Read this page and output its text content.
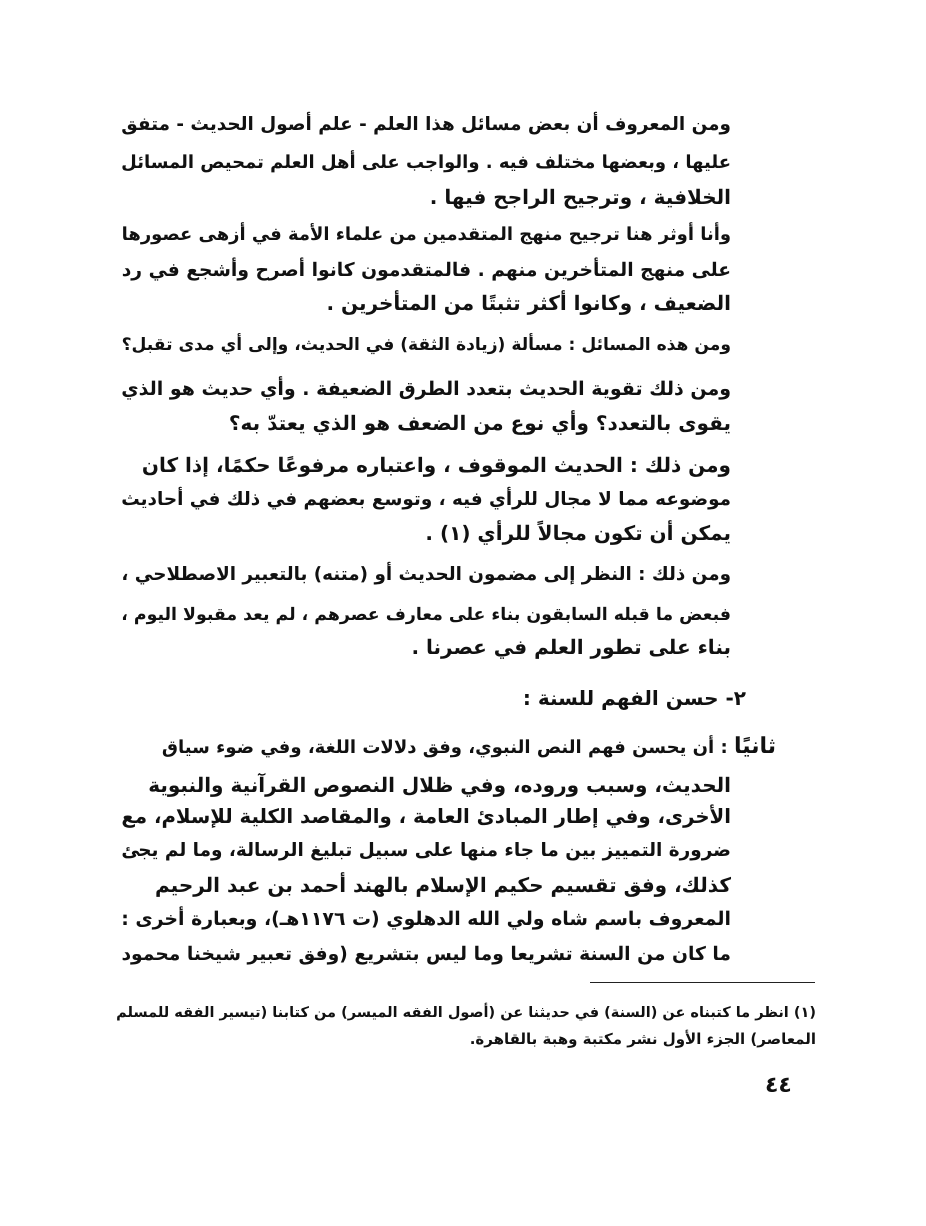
ومن المعروف أن بعض مسائل هذا العلم - علم أصول الحديث - متفق
عليها ، وبعضها مختلف فيه . والواجب على أهل العلم تمحيص المسائل
الخلافية ، وترجيح الراجح فيها .
وأنا أوثر هنا ترجيح منهج المتقدمين من علماء الأمة في أزهى عصورها
على منهج المتأخرين منهم . فالمتقدمون كانوا أصرح وأشجع في رد
الضعيف ، وكانوا أكثر تثبتًا من المتأخرين .
ومن هذه المسائل : مسألة (زيادة الثقة) في الحديث، وإلى أي مدى تقبل؟
ومن ذلك تقوية الحديث بتعدد الطرق الضعيفة . وأي حديث هو الذي
يقوى بالتعدد؟ وأي نوع من الضعف هو الذي يعتدّ به؟
ومن ذلك : الحديث الموقوف ، واعتباره مرفوعًا حكمًا، إذا كان
موضوعه مما لا مجال للرأي فيه ، وتوسع بعضهم في ذلك في أحاديث
يمكن أن تكون مجالاً للرأي (١) .
ومن ذلك : النظر إلى مضمون الحديث أو (متنه) بالتعبير الاصطلاحي ،
فبعض ما قبله السابقون بناء على معارف عصرهم ، لم يعد مقبولا اليوم ،
بناء على تطور العلم في عصرنا .
٢- حسن الفهم للسنة :
ثانيًا : أن يحسن فهم النص النبوي، وفق دلالات اللغة، وفي ضوء سياق
الحديث، وسبب وروده، وفي ظلال النصوص القرآنية والنبوية
الأخرى، وفي إطار المبادئ العامة ، والمقاصد الكلية للإسلام، مع
ضرورة التمييز بين ما جاء منها على سبيل تبليغ الرسالة، وما لم يجئ
كذلك، وفق تقسيم حكيم الإسلام بالهند أحمد بن عبد الرحيم
المعروف باسم شاه ولي الله الدهلوي (ت ١١٧٦هـ)، وبعبارة أخرى :
ما كان من السنة تشريعا وما ليس بتشريع (وفق تعبير شيخنا محمود
(١) انظر ما كتبناه عن (السنة) في حديثنا عن (أصول الفقه الميسر) من كتابنا (تيسير الفقه للمسلم
المعاصر) الجزء الأول نشر مكتبة وهبة بالقاهرة.
٤٤
